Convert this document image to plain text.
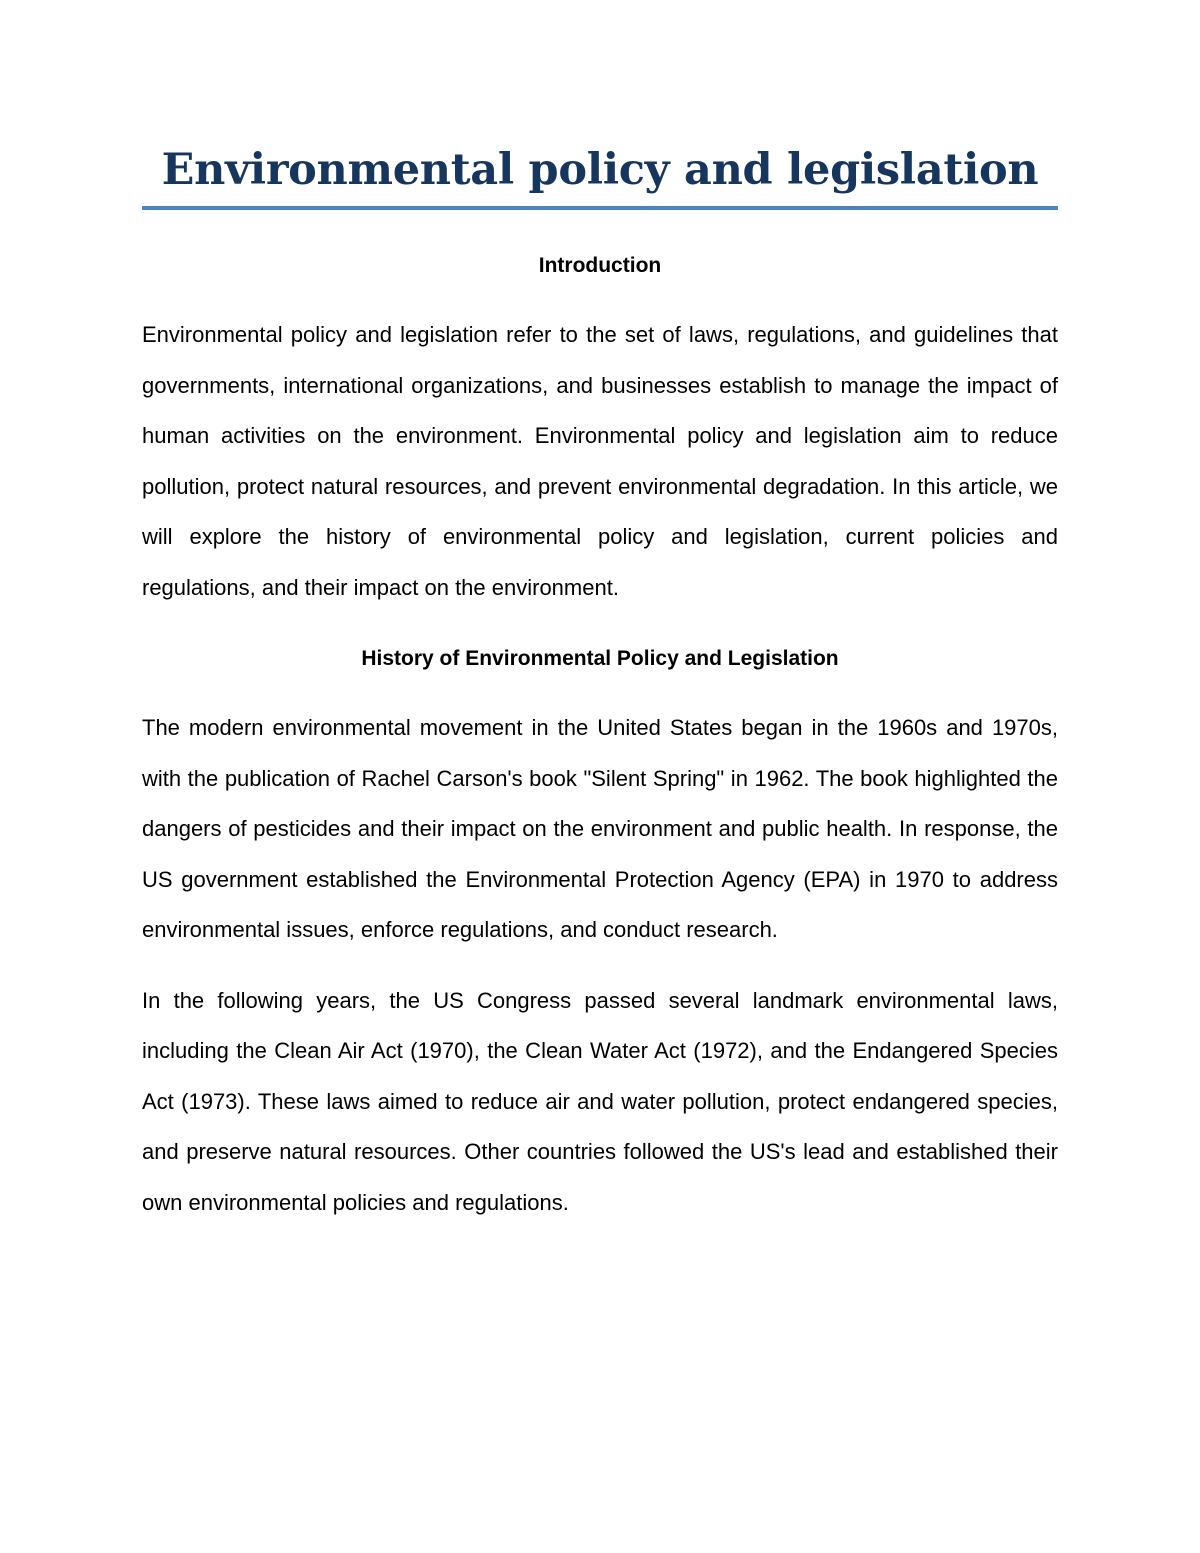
Environmental policy and legislation
Introduction

Environmental policy and legislation refer to the set of laws, regulations, and guidelines that governments, international organizations, and businesses establish to manage the impact of human activities on the environment. Environmental policy and legislation aim to reduce pollution, protect natural resources, and prevent environmental degradation. In this article, we will explore the history of environmental policy and legislation, current policies and regulations, and their impact on the environment.

History of Environmental Policy and Legislation

The modern environmental movement in the United States began in the 1960s and 1970s, with the publication of Rachel Carson's book "Silent Spring" in 1962. The book highlighted the dangers of pesticides and their impact on the environment and public health. In response, the US government established the Environmental Protection Agency (EPA) in 1970 to address environmental issues, enforce regulations, and conduct research.

In the following years, the US Congress passed several landmark environmental laws, including the Clean Air Act (1970), the Clean Water Act (1972), and the Endangered Species Act (1973). These laws aimed to reduce air and water pollution, protect endangered species, and preserve natural resources. Other countries followed the US's lead and established their own environmental policies and regulations.
